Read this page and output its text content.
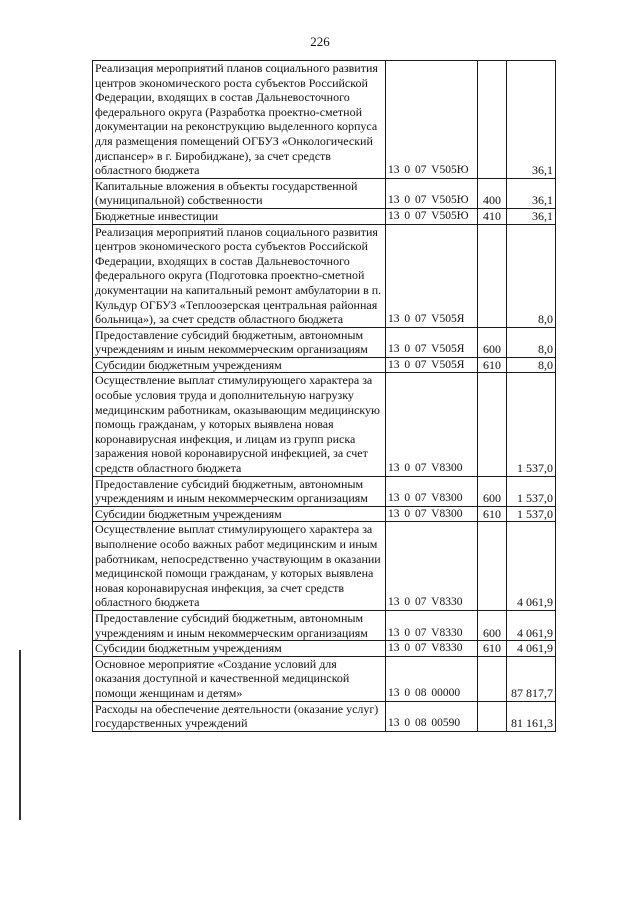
226
Реализация мероприятий планов социального развития центров экономического роста субъектов Российской Федерации, входящих в состав Дальневосточного федерального округа (Разработка проектно-сметной документации на реконструкцию выделенного корпуса для размещения помещений ОГБУЗ «Онкологический диспансер» в г. Биробиджане), за счет средств областного бюджета	13 0 07 V505Ю		36,1
Капитальные вложения в объекты государственной (муниципальной) собственности	13 0 07 V505Ю	400	36,1
Бюджетные инвестиции	13 0 07 V505Ю	410	36,1
Реализация мероприятий планов социального развития центров экономического роста субъектов Российской Федерации, входящих в состав Дальневосточного федерального округа (Подготовка проектно-сметной документации на капитальный ремонт амбулатории в п. Кульдур ОГБУЗ «Теплоозерская центральная районная больница»), за счет средств областного бюджета	13 0 07 V505Я		8,0
Предоставление субсидий бюджетным, автономным учреждениям и иным некоммерческим организациям	13 0 07 V505Я	600	8,0
Субсидии бюджетным учреждениям	13 0 07 V505Я	610	8,0
Осуществление выплат стимулирующего характера за особые условия труда и дополнительную нагрузку медицинским работникам, оказывающим медицинскую помощь гражданам, у которых выявлена новая коронавирусная инфекция, и лицам из групп риска заражения новой коронавирусной инфекцией, за счет средств областного бюджета	13 0 07 V8300		1 537,0
Предоставление субсидий бюджетным, автономным учреждениям и иным некоммерческим организациям	13 0 07 V8300	600	1 537,0
Субсидии бюджетным учреждениям	13 0 07 V8300	610	1 537,0
Осуществление выплат стимулирующего характера за выполнение особо важных работ медицинским и иным работникам, непосредственно участвующим в оказании медицинской помощи гражданам, у которых выявлена новая коронавирусная инфекция, за счет средств областного бюджета	13 0 07 V8330		4 061,9
Предоставление субсидий бюджетным, автономным учреждениям и иным некоммерческим организациям	13 0 07 V8330	600	4 061,9
Субсидии бюджетным учреждениям	13 0 07 V8330	610	4 061,9
Основное мероприятие «Создание условий для оказания доступной и качественной медицинской помощи женщинам и детям»	13 0 08 00000		87 817,7
Расходы на обеспечение деятельности (оказание услуг) государственных учреждений	13 0 08 00590		81 161,3
